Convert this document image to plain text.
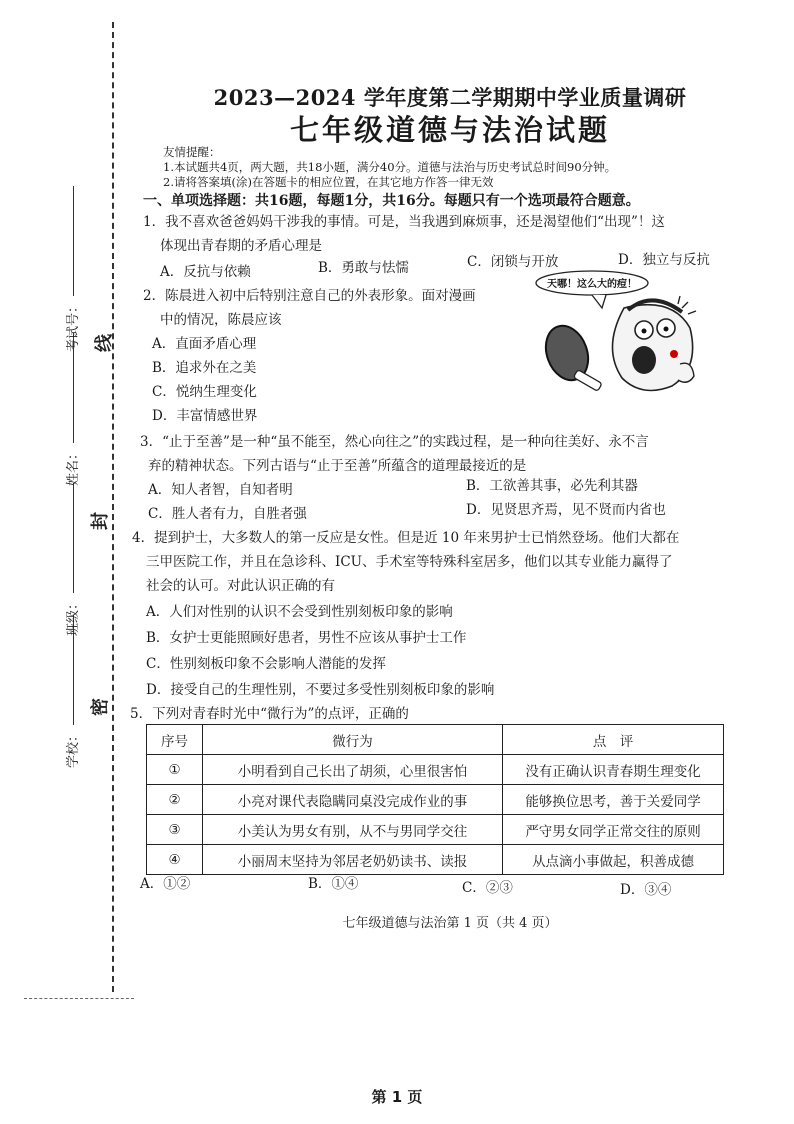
密
封
线
学校：
班级：
姓名：
考试号：
2023—2024 学年度第二学期期中学业质量调研
七年级道德与法治试题
友情提醒：
1.本试题共4页，两大题，共18小题，满分40分。道德与法治与历史考试总时间90分钟。
2.请将答案填(涂)在答题卡的相应位置，在其它地方作答一律无效
一、单项选择题：共16题，每题1分，共16分。每题只有一个选项最符合题意。
1．我不喜欢爸爸妈妈干涉我的事情。可是，当我遇到麻烦事，还是渴望他们“出现”！这
体现出青春期的矛盾心理是
A．反抗与依赖	B．勇敢与怯懦	C．闭锁与开放	D．独立与反抗
2．陈晨进入初中后特别注意自己的外表形象。面对漫画
中的情况，陈晨应该
A．直面矛盾心理
B．追求外在之美
C．悦纳生理变化
D．丰富情感世界
天哪！这么大的痘！
3．“止于至善”是一种“虽不能至，然心向往之”的实践过程，是一种向往美好、永不言
弃的精神状态。下列古语与“止于至善”所蕴含的道理最接近的是
A．知人者智，自知者明	B．工欲善其事，必先利其器
C．胜人者有力，自胜者强	D．见贤思齐焉，见不贤而内省也
4．提到护士，大多数人的第一反应是女性。但是近 10 年来男护士已悄然登场。他们大都在
三甲医院工作，并且在急诊科、ICU、手术室等特殊科室居多，他们以其专业能力赢得了
社会的认可。对此认识正确的有
A．人们对性别的认识不会受到性别刻板印象的影响
B．女护士更能照顾好患者，男性不应该从事护士工作
C．性别刻板印象不会影响人潜能的发挥
D．接受自己的生理性别，不要过多受性别刻板印象的影响
5．下列对青春时光中“微行为”的点评，正确的
序号	微行为	点　评
①	小明看到自己长出了胡须，心里很害怕	没有正确认识青春期生理变化
②	小亮对课代表隐瞒同桌没完成作业的事	能够换位思考，善于关爱同学
③	小美认为男女有别，从不与男同学交往	严守男女同学正常交往的原则
④	小丽周末坚持为邻居老奶奶读书、读报	从点滴小事做起，积善成德
A．①②	B．①④	C．②③	D．③④
七年级道德与法治第 1 页（共 4 页）
第 1 页
